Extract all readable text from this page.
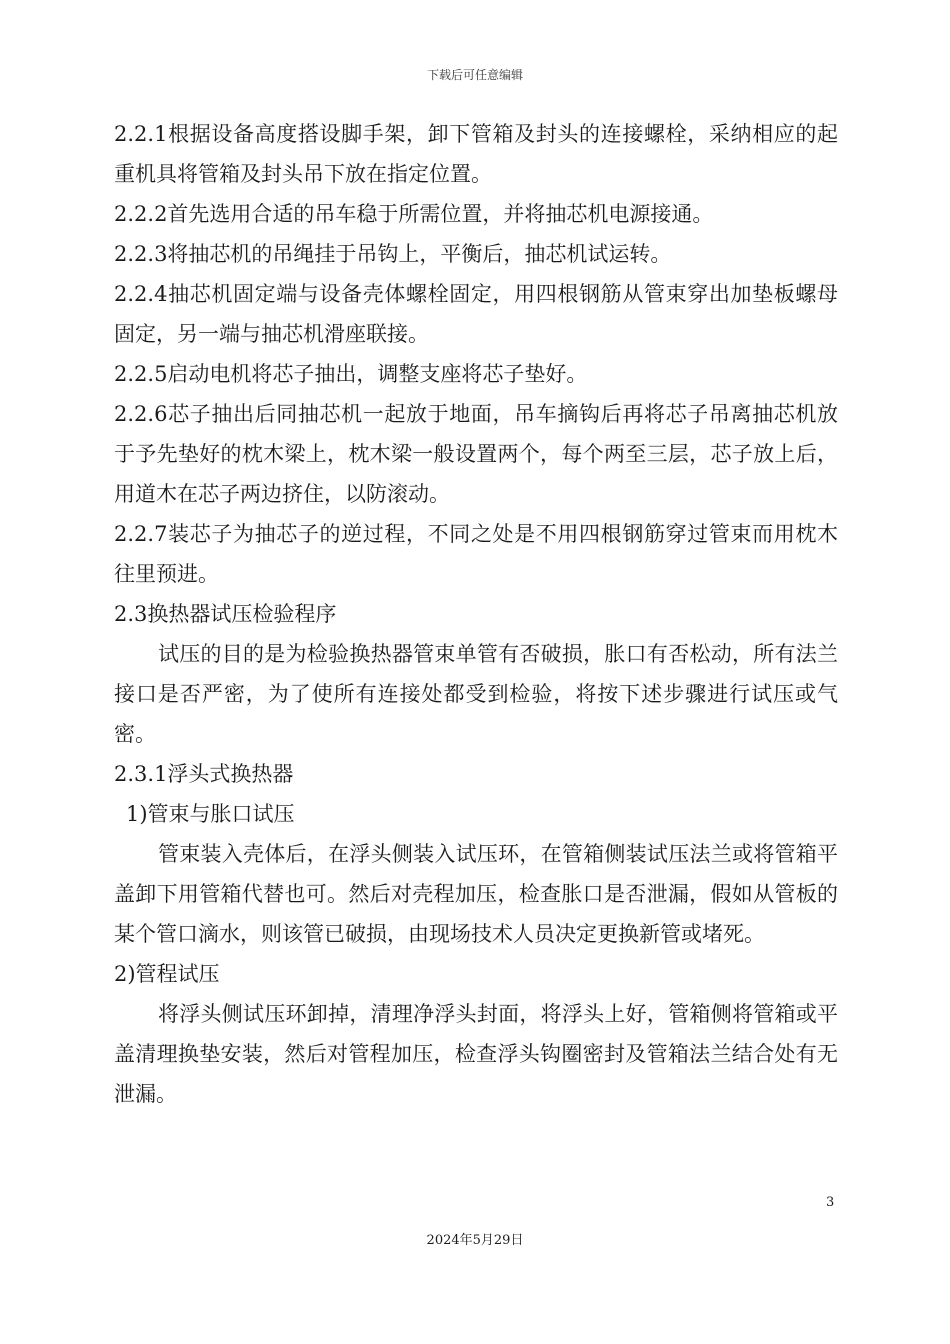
下载后可任意编辑

2.2.1根据设备高度搭设脚手架，卸下管箱及封头的连接螺栓，采纳相应的起重机具将管箱及封头吊下放在指定位置。

2.2.2首先选用合适的吊车稳于所需位置，并将抽芯机电源接通。

2.2.3将抽芯机的吊绳挂于吊钩上，平衡后，抽芯机试运转。

2.2.4抽芯机固定端与设备壳体螺栓固定，用四根钢筋从管束穿出加垫板螺母固定，另一端与抽芯机滑座联接。

2.2.5启动电机将芯子抽出，调整支座将芯子垫好。

2.2.6芯子抽出后同抽芯机一起放于地面，吊车摘钩后再将芯子吊离抽芯机放于予先垫好的枕木梁上，枕木梁一般设置两个，每个两至三层，芯子放上后，用道木在芯子两边挤住，以防滚动。

2.2.7装芯子为抽芯子的逆过程，不同之处是不用四根钢筋穿过管束而用枕木往里预进。

2.3换热器试压检验程序

试压的目的是为检验换热器管束单管有否破损，胀口有否松动，所有法兰接口是否严密，为了使所有连接处都受到检验，将按下述步骤进行试压或气密。

2.3.1浮头式换热器

1)管束与胀口试压

管束装入壳体后，在浮头侧装入试压环，在管箱侧装试压法兰或将管箱平盖卸下用管箱代替也可。然后对壳程加压，检查胀口是否泄漏，假如从管板的某个管口滴水，则该管已破损，由现场技术人员决定更换新管或堵死。

2)管程试压

将浮头侧试压环卸掉，清理净浮头封面，将浮头上好，管箱侧将管箱或平盖清理换垫安装，然后对管程加压，检查浮头钩圈密封及管箱法兰结合处有无泄漏。

3
2024年5月29日
